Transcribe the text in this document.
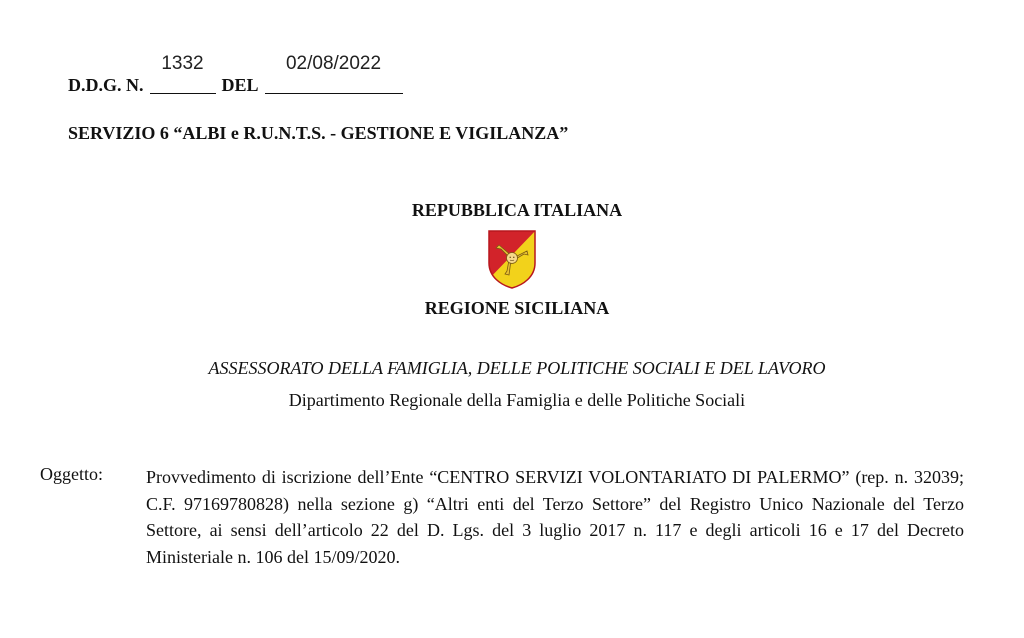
D.D.G. N.
1332
DEL
02/08/2022
SERVIZIO 6 “ALBI e R.U.N.T.S. - GESTIONE E VIGILANZA”
REPUBBLICA ITALIANA
REGIONE SICILIANA
ASSESSORATO DELLA FAMIGLIA, DELLE POLITICHE SOCIALI E DEL LAVORO
Dipartimento Regionale della Famiglia e delle Politiche Sociali
Oggetto: Provvedimento di iscrizione dell’Ente “CENTRO SERVIZI VOLONTARIATO DI PALERMO” (rep. n. 32039; C.F. 97169780828) nella sezione g) “Altri enti del Terzo Settore” del Registro Unico Nazionale del Terzo Settore, ai sensi dell’articolo 22 del D. Lgs. del 3 luglio 2017 n. 117 e degli articoli 16 e 17 del Decreto Ministeriale n. 106 del 15/09/2020.
